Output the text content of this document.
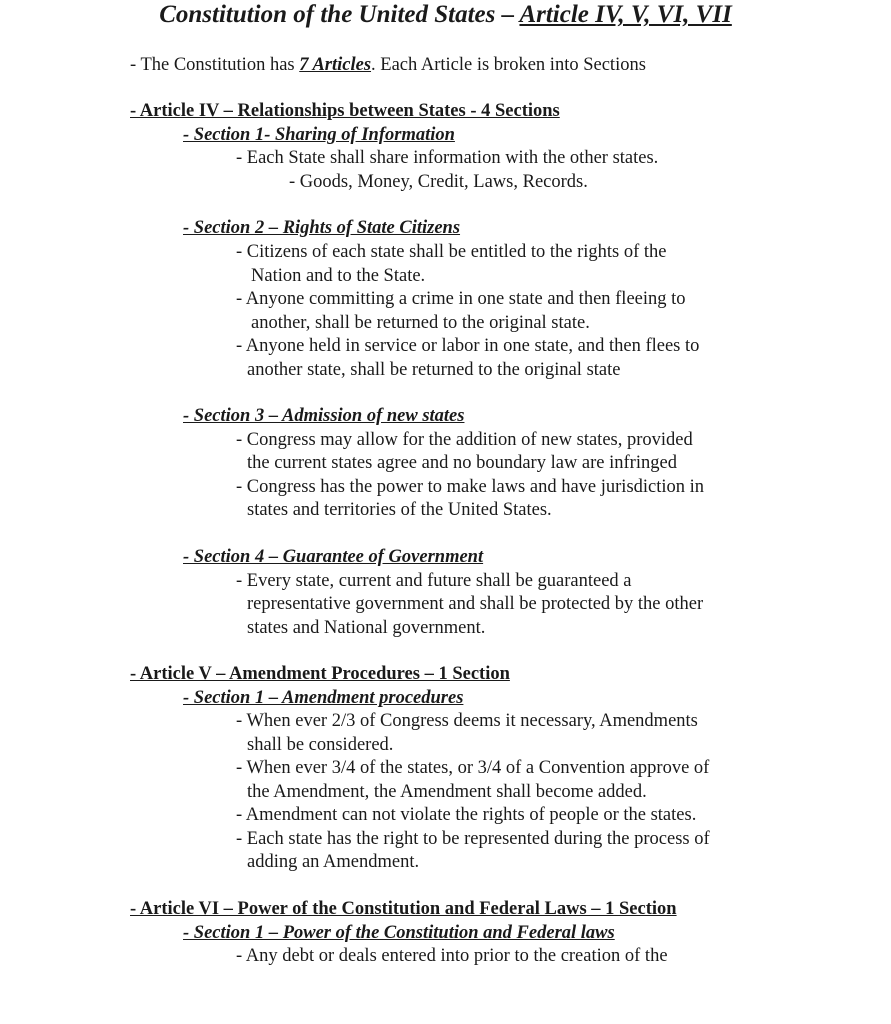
Constitution of the United States – Article IV, V, VI, VII
- The Constitution has 7 Articles. Each Article is broken into Sections
- Article IV – Relationships between States - 4 Sections
- Section 1- Sharing of Information
- Each State shall share information with the other states.
- Goods, Money, Credit, Laws, Records.
- Section 2 – Rights of State Citizens
- Citizens of each state shall be entitled to the rights of the
Nation and to the State.
- Anyone committing a crime in one state and then fleeing to
another, shall be returned to the original state.
- Anyone held in service or labor in one state, and then flees to
another state, shall be returned to the original state
- Section 3 – Admission of new states
- Congress may allow for the addition of new states, provided
the current states agree and no boundary law are infringed
- Congress has the power to make laws and have jurisdiction in
states and territories of the United States.
- Section 4 – Guarantee of Government
- Every state, current and future shall be guaranteed a
representative government and shall be protected by the other
states and National government.
- Article V – Amendment Procedures – 1 Section
- Section 1 – Amendment procedures
- When ever 2/3 of Congress deems it necessary, Amendments
shall be considered.
- When ever 3/4 of the states, or 3/4 of a Convention approve of
the Amendment, the Amendment shall become added.
- Amendment can not violate the rights of people or the states.
- Each state has the right to be represented during the process of
adding an Amendment.
- Article VI – Power of the Constitution and Federal Laws – 1 Section
- Section 1 – Power of the Constitution and Federal laws
- Any debt or deals entered into prior to the creation of the
